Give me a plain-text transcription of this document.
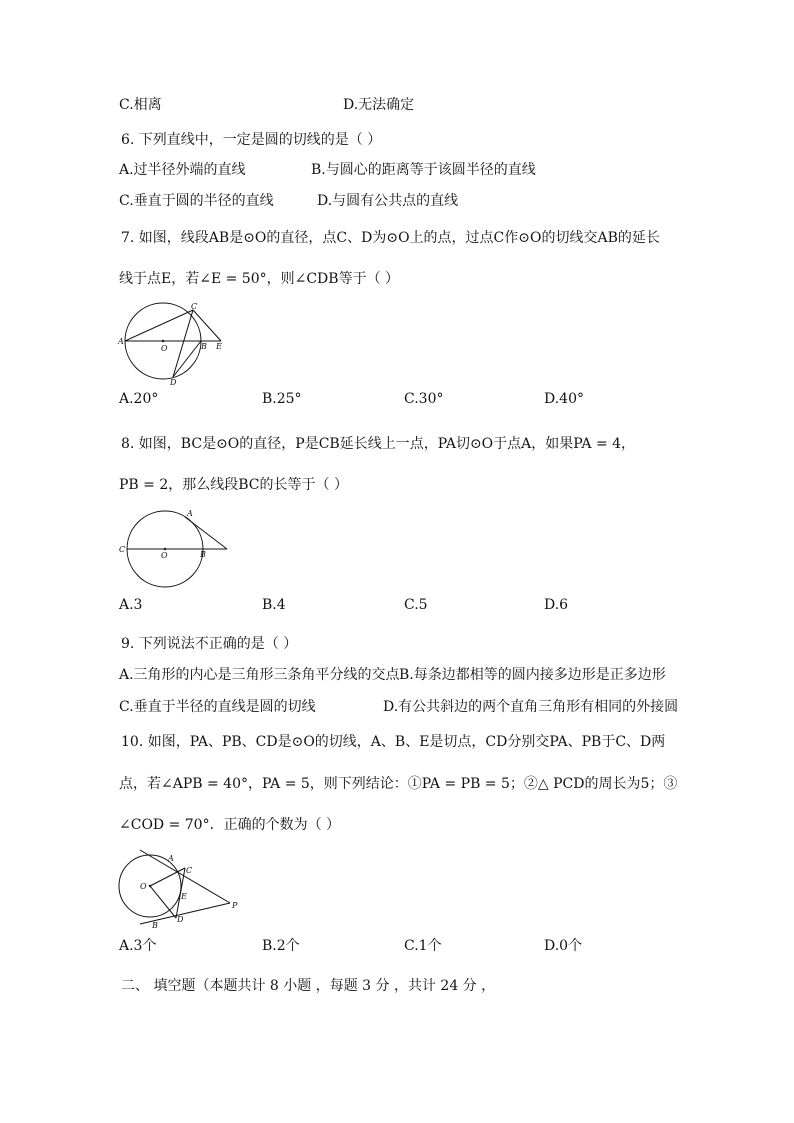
C.相离	D.无法确定
6. 下列直线中，一定是圆的切线的是（ ）
A.过半径外端的直线	B.与圆心的距离等于该圆半径的直线
C.垂直于圆的半径的直线	D.与圆有公共点的直线
7. 如图，线段AB是⊙O的直径，点C、D为⊙O上的点，过点C作⊙O的切线交AB的延长
线于点E，若∠E = 50°，则∠CDB等于（ ）
A
O
C
B E
D
A.20°	B.25°	C.30°	D.40°
8. 如图，BC是⊙O的直径，P是CB延长线上一点，PA切⊙O于点A，如果PA = 4，
PB = 2，那么线段BC的长等于（ ）
C
O	B
A
A.3	B.4	C.5	D.6
9. 下列说法不正确的是（ ）
A.三角形的内心是三角形三条角平分线的交点 B.每条边都相等的圆内接多边形是正多边形
C.垂直于半径的直线是圆的切线	D.有公共斜边的两个直角三角形有相同的外接圆
10. 如图，PA、PB、CD是⊙O的切线，A、B、E是切点，CD分别交PA、PB于C、D两
点，若∠APB = 40°，PA = 5，则下列结论：①PA = PB = 5；②△ PCD的周长为5；③
∠COD = 70°．正确的个数为（ ）
O
A
C
E
D
B
P
A.3个	B.2个	C.1个	D.0个
二、 填空题（本题共计 8 小题 ，每题 3 分 ，共计 24 分 ，
